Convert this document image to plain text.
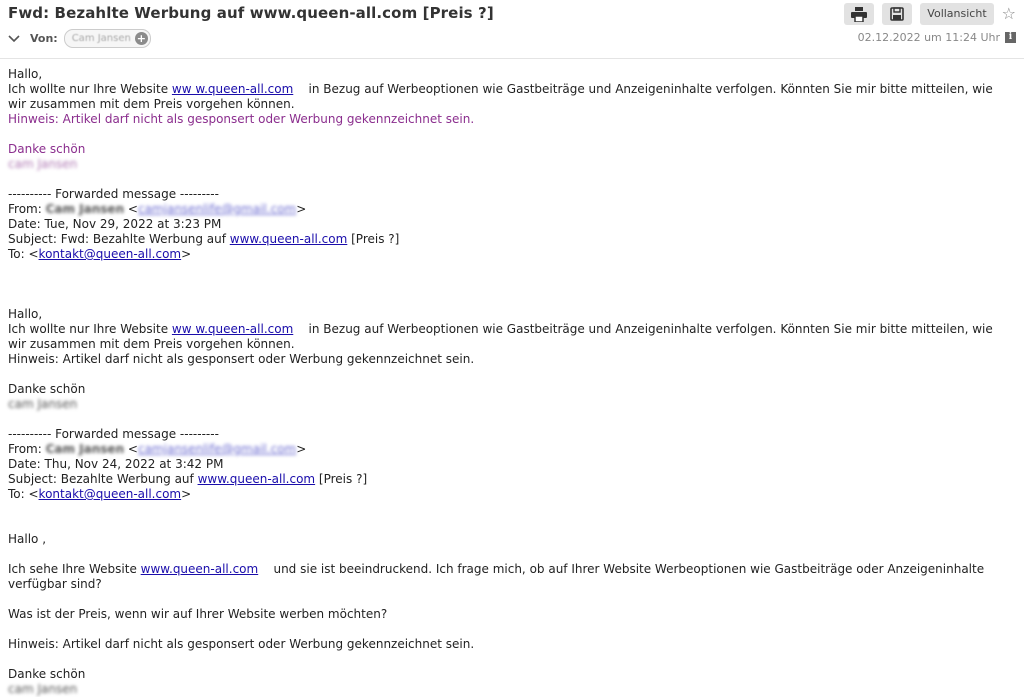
Fwd: Bezahlte Werbung auf www.queen-all.com [Preis ?]	Vollansicht ☆
Von: Cam Jansen +	02.12.2022 um 11:24 Uhr i
Hallo,
Ich wollte nur Ihre Website ww w.queen-all.com    in Bezug auf Werbeoptionen wie Gastbeiträge und Anzeigeninhalte verfolgen. Könnten Sie mir bitte mitteilen, wie
wir zusammen mit dem Preis vorgehen können.
Hinweis: Artikel darf nicht als gesponsert oder Werbung gekennzeichnet sein.
Danke schön
cam Jansen
---------- Forwarded message ---------
From: Cam Jansen <camjansenlife@gmail.com>
Date: Tue, Nov 29, 2022 at 3:23 PM
Subject: Fwd: Bezahlte Werbung auf www.queen-all.com [Preis ?]
To: <kontakt@queen-all.com>
Hallo,
Ich wollte nur Ihre Website ww w.queen-all.com    in Bezug auf Werbeoptionen wie Gastbeiträge und Anzeigeninhalte verfolgen. Könnten Sie mir bitte mitteilen, wie
wir zusammen mit dem Preis vorgehen können.
Hinweis: Artikel darf nicht als gesponsert oder Werbung gekennzeichnet sein.
Danke schön
cam Jansen
---------- Forwarded message ---------
From: Cam Jansen <camjansenlife@gmail.com>
Date: Thu, Nov 24, 2022 at 3:42 PM
Subject: Bezahlte Werbung auf www.queen-all.com [Preis ?]
To: <kontakt@queen-all.com>
Hallo ,
Ich sehe Ihre Website www.queen-all.com    und sie ist beeindruckend. Ich frage mich, ob auf Ihrer Website Werbeoptionen wie Gastbeiträge oder Anzeigeninhalte
verfügbar sind?
Was ist der Preis, wenn wir auf Ihrer Website werben möchten?
Hinweis: Artikel darf nicht als gesponsert oder Werbung gekennzeichnet sein.
Danke schön
cam Jansen
